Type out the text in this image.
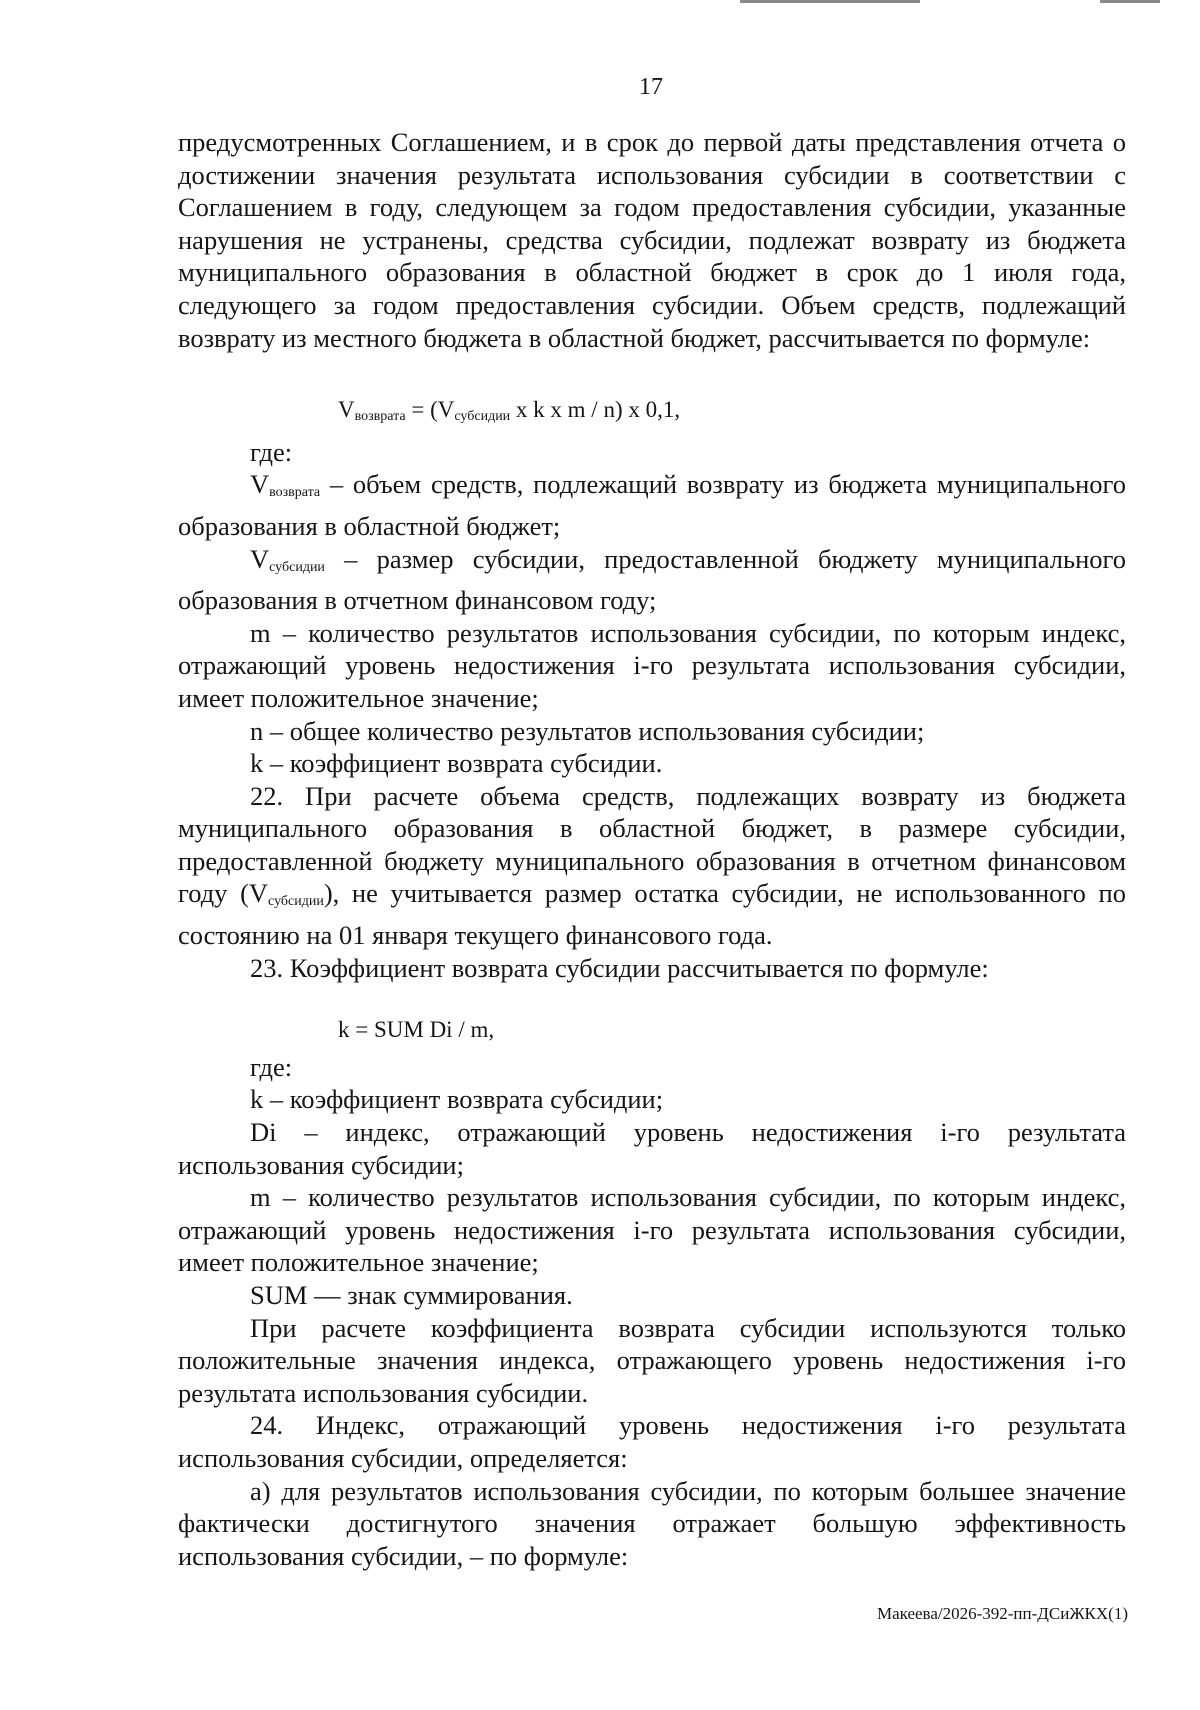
17

предусмотренных Соглашением, и в срок до первой даты представления отчета о достижении значения результата использования субсидии в соответствии с Соглашением в году, следующем за годом предоставления субсидии, указанные нарушения не устранены, средства субсидии, подлежат возврату из бюджета муниципального образования в областной бюджет в срок до 1 июля года, следующего за годом предоставления субсидии. Объем средств, подлежащий возврату из местного бюджета в областной бюджет, рассчитывается по формуле:

$V_{возврата} = (V_{субсидии}$ x k x m / n) x 0,1,

где:

$V_{возврата}$ – объем средств, подлежащий возврату из бюджета муниципального образования в областной бюджет;

$V_{субсидии}$ – размер субсидии, предоставленной бюджету муниципального образования в отчетном финансовом году;

m – количество результатов использования субсидии, по которым индекс, отражающий уровень недостижения i-го результата использования субсидии, имеет положительное значение;

n – общее количество результатов использования субсидии;

k – коэффициент возврата субсидии.

22. При расчете объема средств, подлежащих возврату из бюджета муниципального образования в областной бюджет, в размере субсидии, предоставленной бюджету муниципального образования в отчетном финансовом году $(V_{субсидии})$, не учитывается размер остатка субсидии, не использованного по состоянию на 01 января текущего финансового года.

23. Коэффициент возврата субсидии рассчитывается по формуле:

k = SUM Di / m,

где:

k – коэффициент возврата субсидии;

Di – индекс, отражающий уровень недостижения i-го результата использования субсидии;

m – количество результатов использования субсидии, по которым индекс, отражающий уровень недостижения i-го результата использования субсидии, имеет положительное значение;

SUM — знак суммирования.

При расчете коэффициента возврата субсидии используются только положительные значения индекса, отражающего уровень недостижения i-го результата использования субсидии.

24. Индекс, отражающий уровень недостижения i-го результата использования субсидии, определяется:

а) для результатов использования субсидии, по которым большее значение фактически достигнутого значения отражает большую эффективность использования субсидии, – по формуле:

Макеева/2026-392-пп-ДСиЖКХ(1)
